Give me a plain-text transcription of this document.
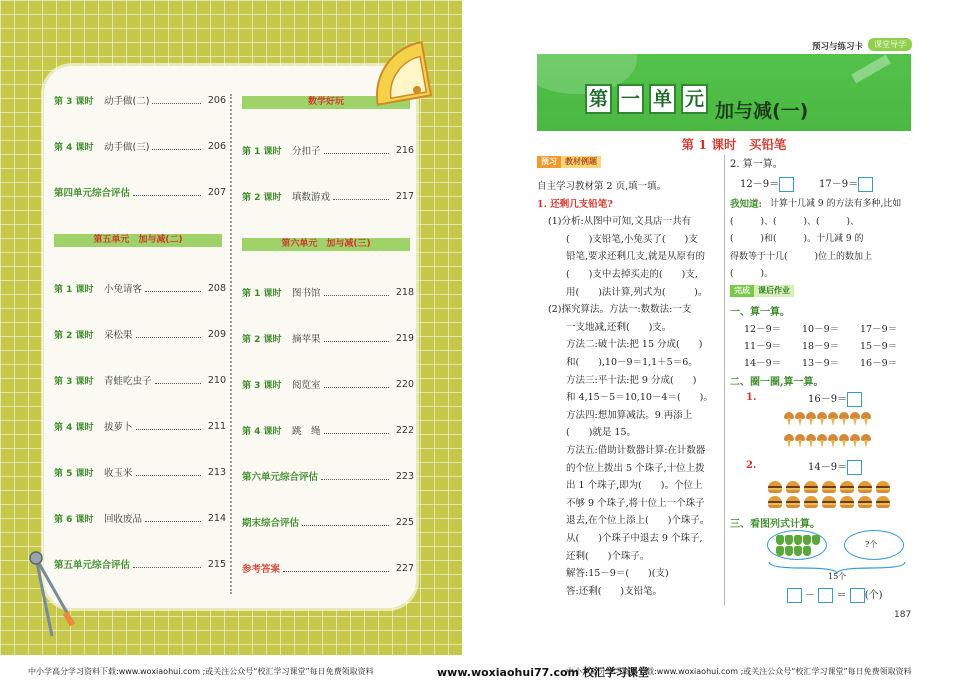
第 3 课时	动手做(二)	206
第 4 课时	动手做(三)	206
第四单元综合评估	207
第五单元　加与减(二)
第 1 课时	小兔请客	208
第 2 课时	采松果	209
第 3 课时	青蛙吃虫子	210
第 4 课时	拔萝卜	211
第 5 课时	收玉米	213
第 6 课时	回收废品	214
第五单元综合评估	215
数学好玩
第 1 课时	分扣子	216
第 2 课时	填数游戏	217
第六单元　加与减(三)
第 1 课时	图书馆	218
第 2 课时	摘苹果	219
第 3 课时	阅览室	220
第 4 课时	跳　绳	222
第六单元综合评估	223
期末综合评估	225
参考答案	227
预习与练习卡	课堂导学
第 一 单 元
加与减(一)
第 1 课时　买铅笔
预习	教材例题
自主学习教材第 2 页,填一填。
1. 还剩几支铅笔?
(1)分析:从图中可知,文具店一共有
(　　)支铅笔,小兔买了(　　)支
铅笔,要求还剩几支,就是从原有的
(　　)支中去掉买走的(　　)支,
用(　　)法计算,列式为(　　　)。
(2)探究算法。方法一:数数法:一支
一支地减,还剩(　　)支。
方法二:破十法:把 15 分成(　　)
和(　　),10－9＝1,1＋5＝6。
方法三:平十法:把 9 分成(　　)
和 4,15－5＝10,10－4＝(　　)。
方法四:想加算减法。9 再添上
(　　)就是 15。
方法五:借助计数器计算:在计数器
的个位上拨出 5 个珠子,十位上拨
出 1 个珠子,即为(　　)。个位上
不够 9 个珠子,将十位上一个珠子
退去,在个位上添上(　　)个珠子。
从(　　)个珠子中退去 9 个珠子,
还剩(　　)个珠子。
解答:15－9＝(　　)(支)
答:还剩(　　)支铅笔。
2. 算一算。
12－9＝	17－9＝
我知道: 计算十几减 9 的方法有多种,比如
(　　　)、(　　　)、(　　　)、
(　　　)和(　　　)。十几减 9 的
得数等于十几(　　　)位上的数加上
(　　　)。
完成	课后作业
一、算一算。
12－9＝ 10－9＝ 17－9＝
11－9＝ 18－9＝ 15－9＝
14－9＝ 13－9＝ 16－9＝
二、圈一圈,算一算。
1.	16－9＝
2.	14－9＝
三、看图列式计算。
?个
15个
－  ＝ (个)
187
中小学高分学习资料下载:www.woxiaohui.com ;或关注公众号“校汇学习课堂”每日免费领取资料	www.woxiaohui77.com 校汇学习课堂
中小学高分学习资料下载:www.woxiaohui.com ;或关注公众号“校汇学习课堂”每日免费领取资料
